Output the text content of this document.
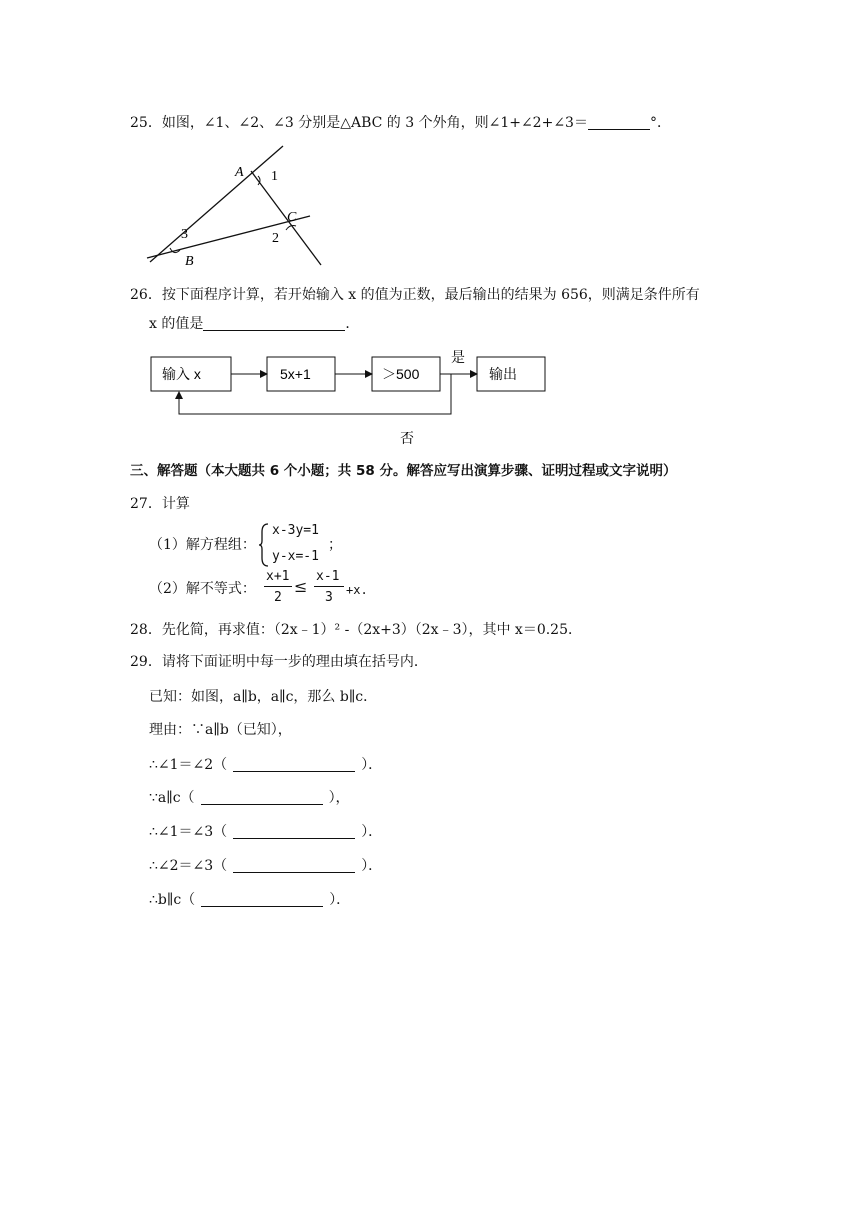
25．如图，∠1、∠2、∠3 分别是△ABC 的 3 个外角，则∠1+∠2+∠3＝	°．
A
C
B
1
2
3
26．按下面程序计算，若开始输入 x 的值为正数，最后输出的结果为 656，则满足条件所有
x 的值是	．
输入 x	5x+1	＞500
是
输出
否
三、解答题（本大题共 6 个小题；共 58 分。解答应写出演算步骤、证明过程或文字说明）
27．计算
（1）解方程组：
x-3y=1
y-x=-1
；
（2）解不等式：
x+1
2
≤
x-1
3 +x.
28．先化简，再求值：（2x﹣1）² -（2x+3）（2x﹣3），其中 x＝0.25．
29．请将下面证明中每一步的理由填在括号内．
已知：如图，a∥b，a∥c，那么 b∥c．
理由：∵a∥b（已知），
∴∠1＝∠2（	）．
∵a∥c（	），
∴∠1＝∠3（	）．
∴∠2＝∠3（	）．
∴b∥c（	）．
